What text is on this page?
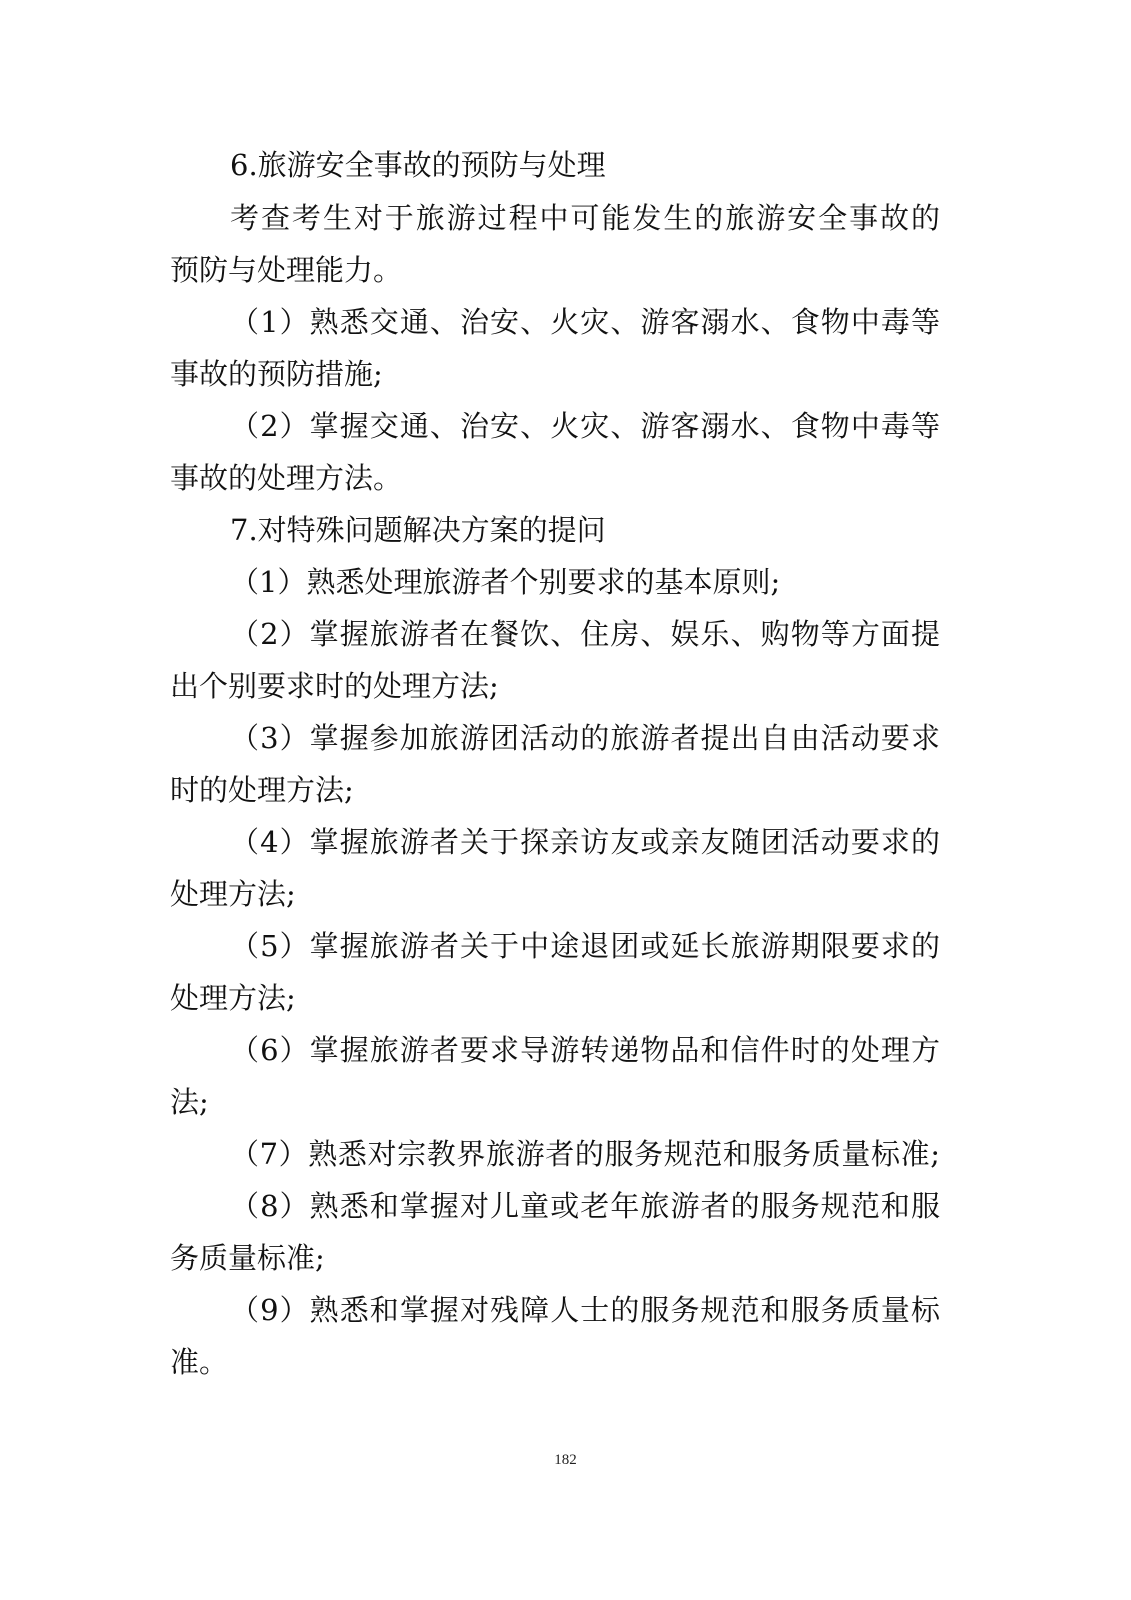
6.旅游安全事故的预防与处理
考查考生对于旅游过程中可能发生的旅游安全事故的
预防与处理能力。
（1）熟悉交通、治安、火灾、游客溺水、食物中毒等
事故的预防措施;
（2）掌握交通、治安、火灾、游客溺水、食物中毒等
事故的处理方法。
7.对特殊问题解决方案的提问
（1）熟悉处理旅游者个别要求的基本原则;
（2）掌握旅游者在餐饮、住房、娱乐、购物等方面提
出个别要求时的处理方法;
（3）掌握参加旅游团活动的旅游者提出自由活动要求
时的处理方法;
（4）掌握旅游者关于探亲访友或亲友随团活动要求的
处理方法;
（5）掌握旅游者关于中途退团或延长旅游期限要求的
处理方法;
（6）掌握旅游者要求导游转递物品和信件时的处理方
法;
（7）熟悉对宗教界旅游者的服务规范和服务质量标准;
（8）熟悉和掌握对儿童或老年旅游者的服务规范和服
务质量标准;
（9）熟悉和掌握对残障人士的服务规范和服务质量标
准。
182
